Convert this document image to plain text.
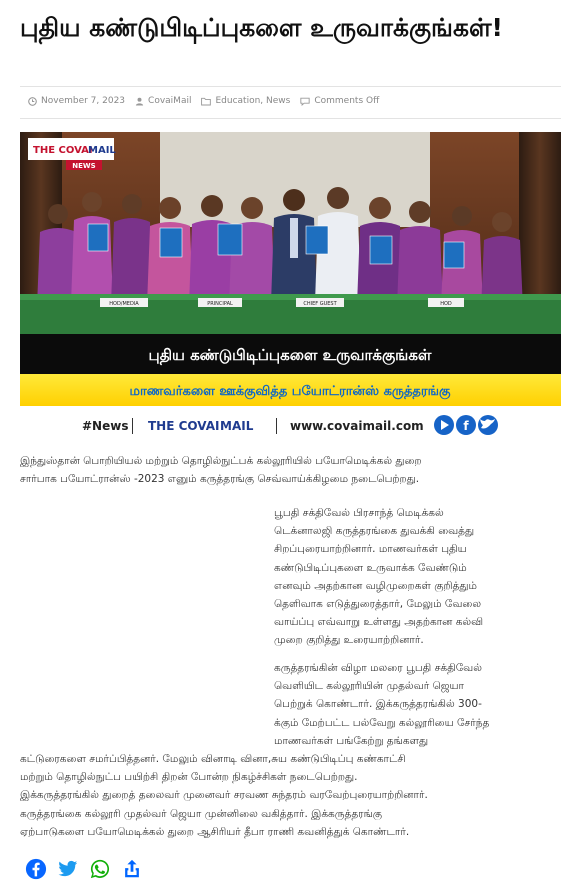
புதிய கண்டுபிடிப்புகளை உருவாக்குங்கள்!
November 7, 2023	CovaiMail	Education , News	Comments Off
HOD/MEDIA	PRINCIPAL	CHIEF GUEST	HOD
THE COVAI
MAIL
NEWS
புதிய கண்டுபிடிப்புகளை உருவாக்குங்கள்
மாணவர்களை ஊக்குவித்த பயோட்ரான்ஸ் கருத்தரங்கு
#News THE COVAI MAIL	www.covaimail.com	f
இந்துஸ்தான் பொறியியல் மற்றும் தொழில்நுட்பக் கல்லூரியில் பயோமெடிக்கல் துறை
சார்பாக பயோட்ரான்ஸ் -2023 எனும் கருத்தரங்கு செவ்வாய்க்கிழமை நடைபெற்றது.
பூபதி சக்திவேல் பிரசாந்த் மெடிக்கல்
டெக்னாலஜி கருத்தரங்கை துவக்கி வைத்து
சிறப்புரையாற்றினார். மாணவர்கள் புதிய
கண்டுபிடிப்புகளை உருவாக்க வேண்டும்
எனவும் அதற்கான வழிமுறைகள் குறித்தும்
தெளிவாக எடுத்துரைத்தார், மேலும் வேலை
வாய்ப்பு எவ்வாறு உள்ளது அதற்கான கல்வி
முறை குறித்து உரையாற்றினார்.
கருத்தரங்கின் விழா மலரை பூபதி சக்திவேல்
வெளியிட கல்லூரியின் முதல்வர் ஜெயா
பெற்றுக் கொண்டார். இக்கருத்தரங்கில் 300-
க்கும் மேற்பட்ட பல்வேறு கல்லூரியை சேர்ந்த
மாணவர்கள் பங்கேற்று தங்களது
கட்டுரைகளை சமர்ப்பித்தனர். மேலும் வினாடி வினா,சுய கண்டுபிடிப்பு கண்காட்சி
மற்றும் தொழில்நுட்ப பயிற்சி திறன் போன்ற நிகழ்ச்சிகள் நடைபெற்றது.
இக்கருத்தரங்கில் துறைத் தலைவர் முனைவர் சரவண சுந்தரம் வரவேற்புரையாற்றினார்.
கருத்தரங்கை கல்லூரி முதல்வர் ஜெயா முன்னிலை வகித்தார். இக்கருத்தரங்கு
ஏற்பாடுகளை பயோமெடிக்கல் துறை ஆசிரியர் தீபா ராணி கவனித்துக் கொண்டார்.
